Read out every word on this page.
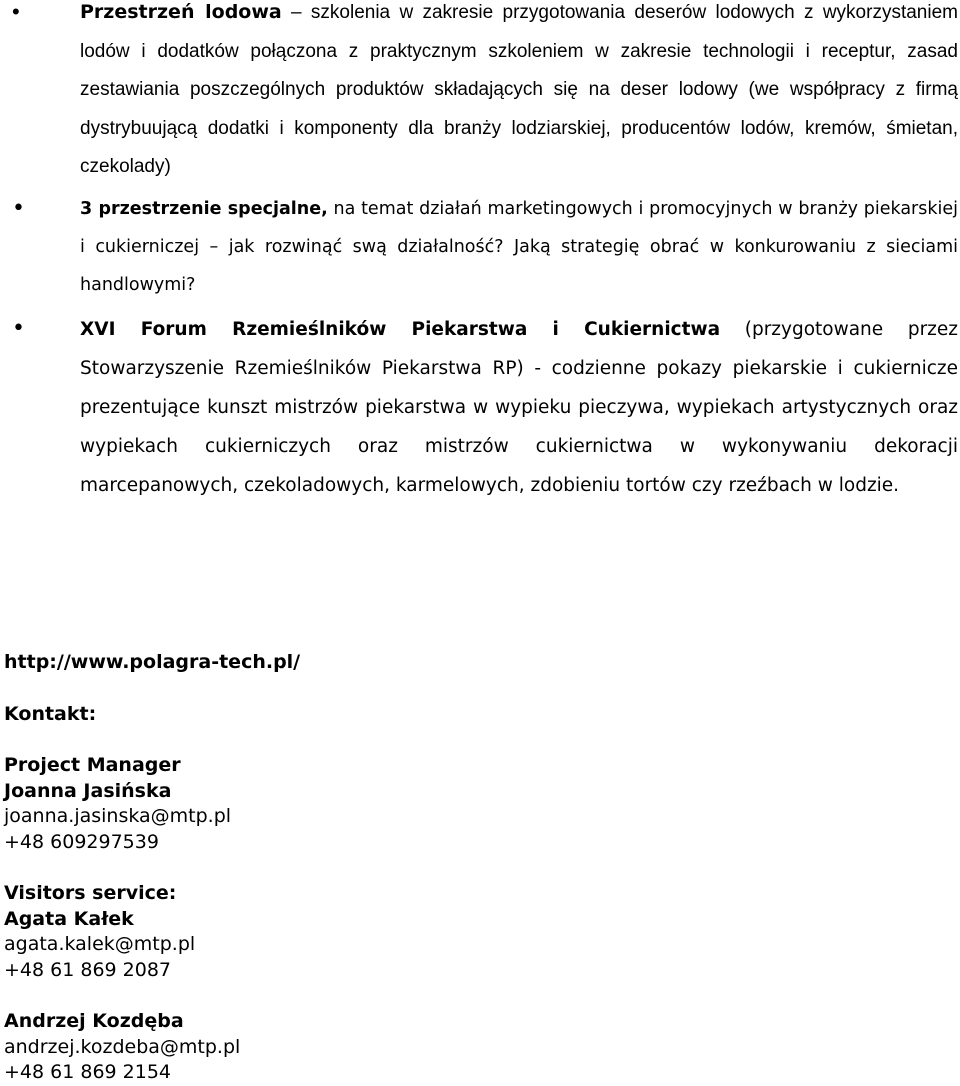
•	Przestrzeń lodowa – szkolenia w zakresie przygotowania deserów lodowych z wykorzystaniem lodów i dodatków połączona z praktycznym szkoleniem w zakresie technologii i receptur, zasad zestawiania poszczególnych produktów składających się na deser lodowy (we współpracy z firmą dystrybuującą dodatki i komponenty dla branży lodziarskiej, producentów lodów, kremów, śmietan, czekolady)
•	3 przestrzenie specjalne, na temat działań marketingowych i promocyjnych w branży piekarskiej i cukierniczej – jak rozwinąć swą działalność? Jaką strategię obrać w konkurowaniu z sieciami handlowymi?
•	XVI Forum Rzemieślników Piekarstwa i Cukiernictwa (przygotowane przez Stowarzyszenie Rzemieślników Piekarstwa RP) - codzienne pokazy piekarskie i cukiernicze prezentujące kunszt mistrzów piekarstwa w wypieku pieczywa, wypiekach artystycznych oraz wypiekach cukierniczych oraz mistrzów cukiernictwa w wykonywaniu dekoracji marcepanowych, czekoladowych, karmelowych, zdobieniu tortów czy rzeźbach w lodzie.
http://www.polagra-tech.pl/
Kontakt:
Project Manager
Joanna Jasińska
joanna.jasinska@mtp.pl
+48 609297539
Visitors service:
Agata Kałek
agata.kalek@mtp.pl
+48 61 869 2087
Andrzej Kozdęba
andrzej.kozdeba@mtp.pl
+48 61 869 2154
